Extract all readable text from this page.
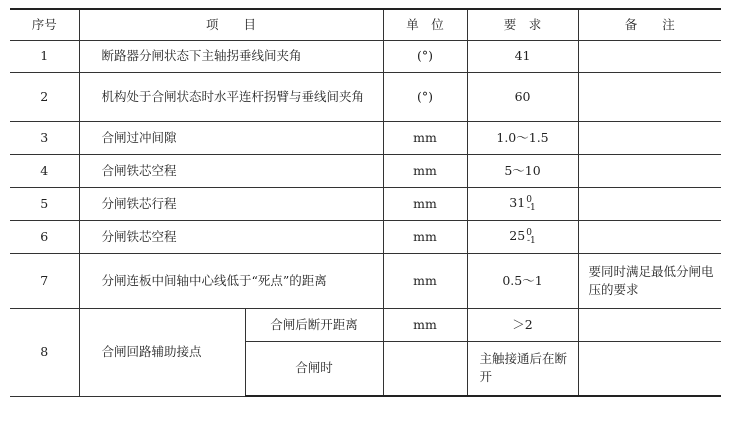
序号	项　　目		单　位	要　求	备　　注
1	断路器分闸状态下主轴拐垂线间夹角		(°)	41	
2	机构处于合闸状态时水平连杆拐臂与垂线间夹角		(°)	60	
3	合闸过冲间隙		mm	1.0～1.5	
4	合闸铁芯空程		mm	5～10	
5	分闸铁芯行程		mm	$31^0_{-1}$	
6	分闸铁芯空程		mm	$25^0_{-1}$	
7	分闸连板中间轴中心线低于“死点”的距离		mm	0.5～1	要同时满足最低分闸电压的要求
8	合闸回路辅助接点	合闸后断开距离	mm	＞2	
		合闸时		主触接通后在断开	
